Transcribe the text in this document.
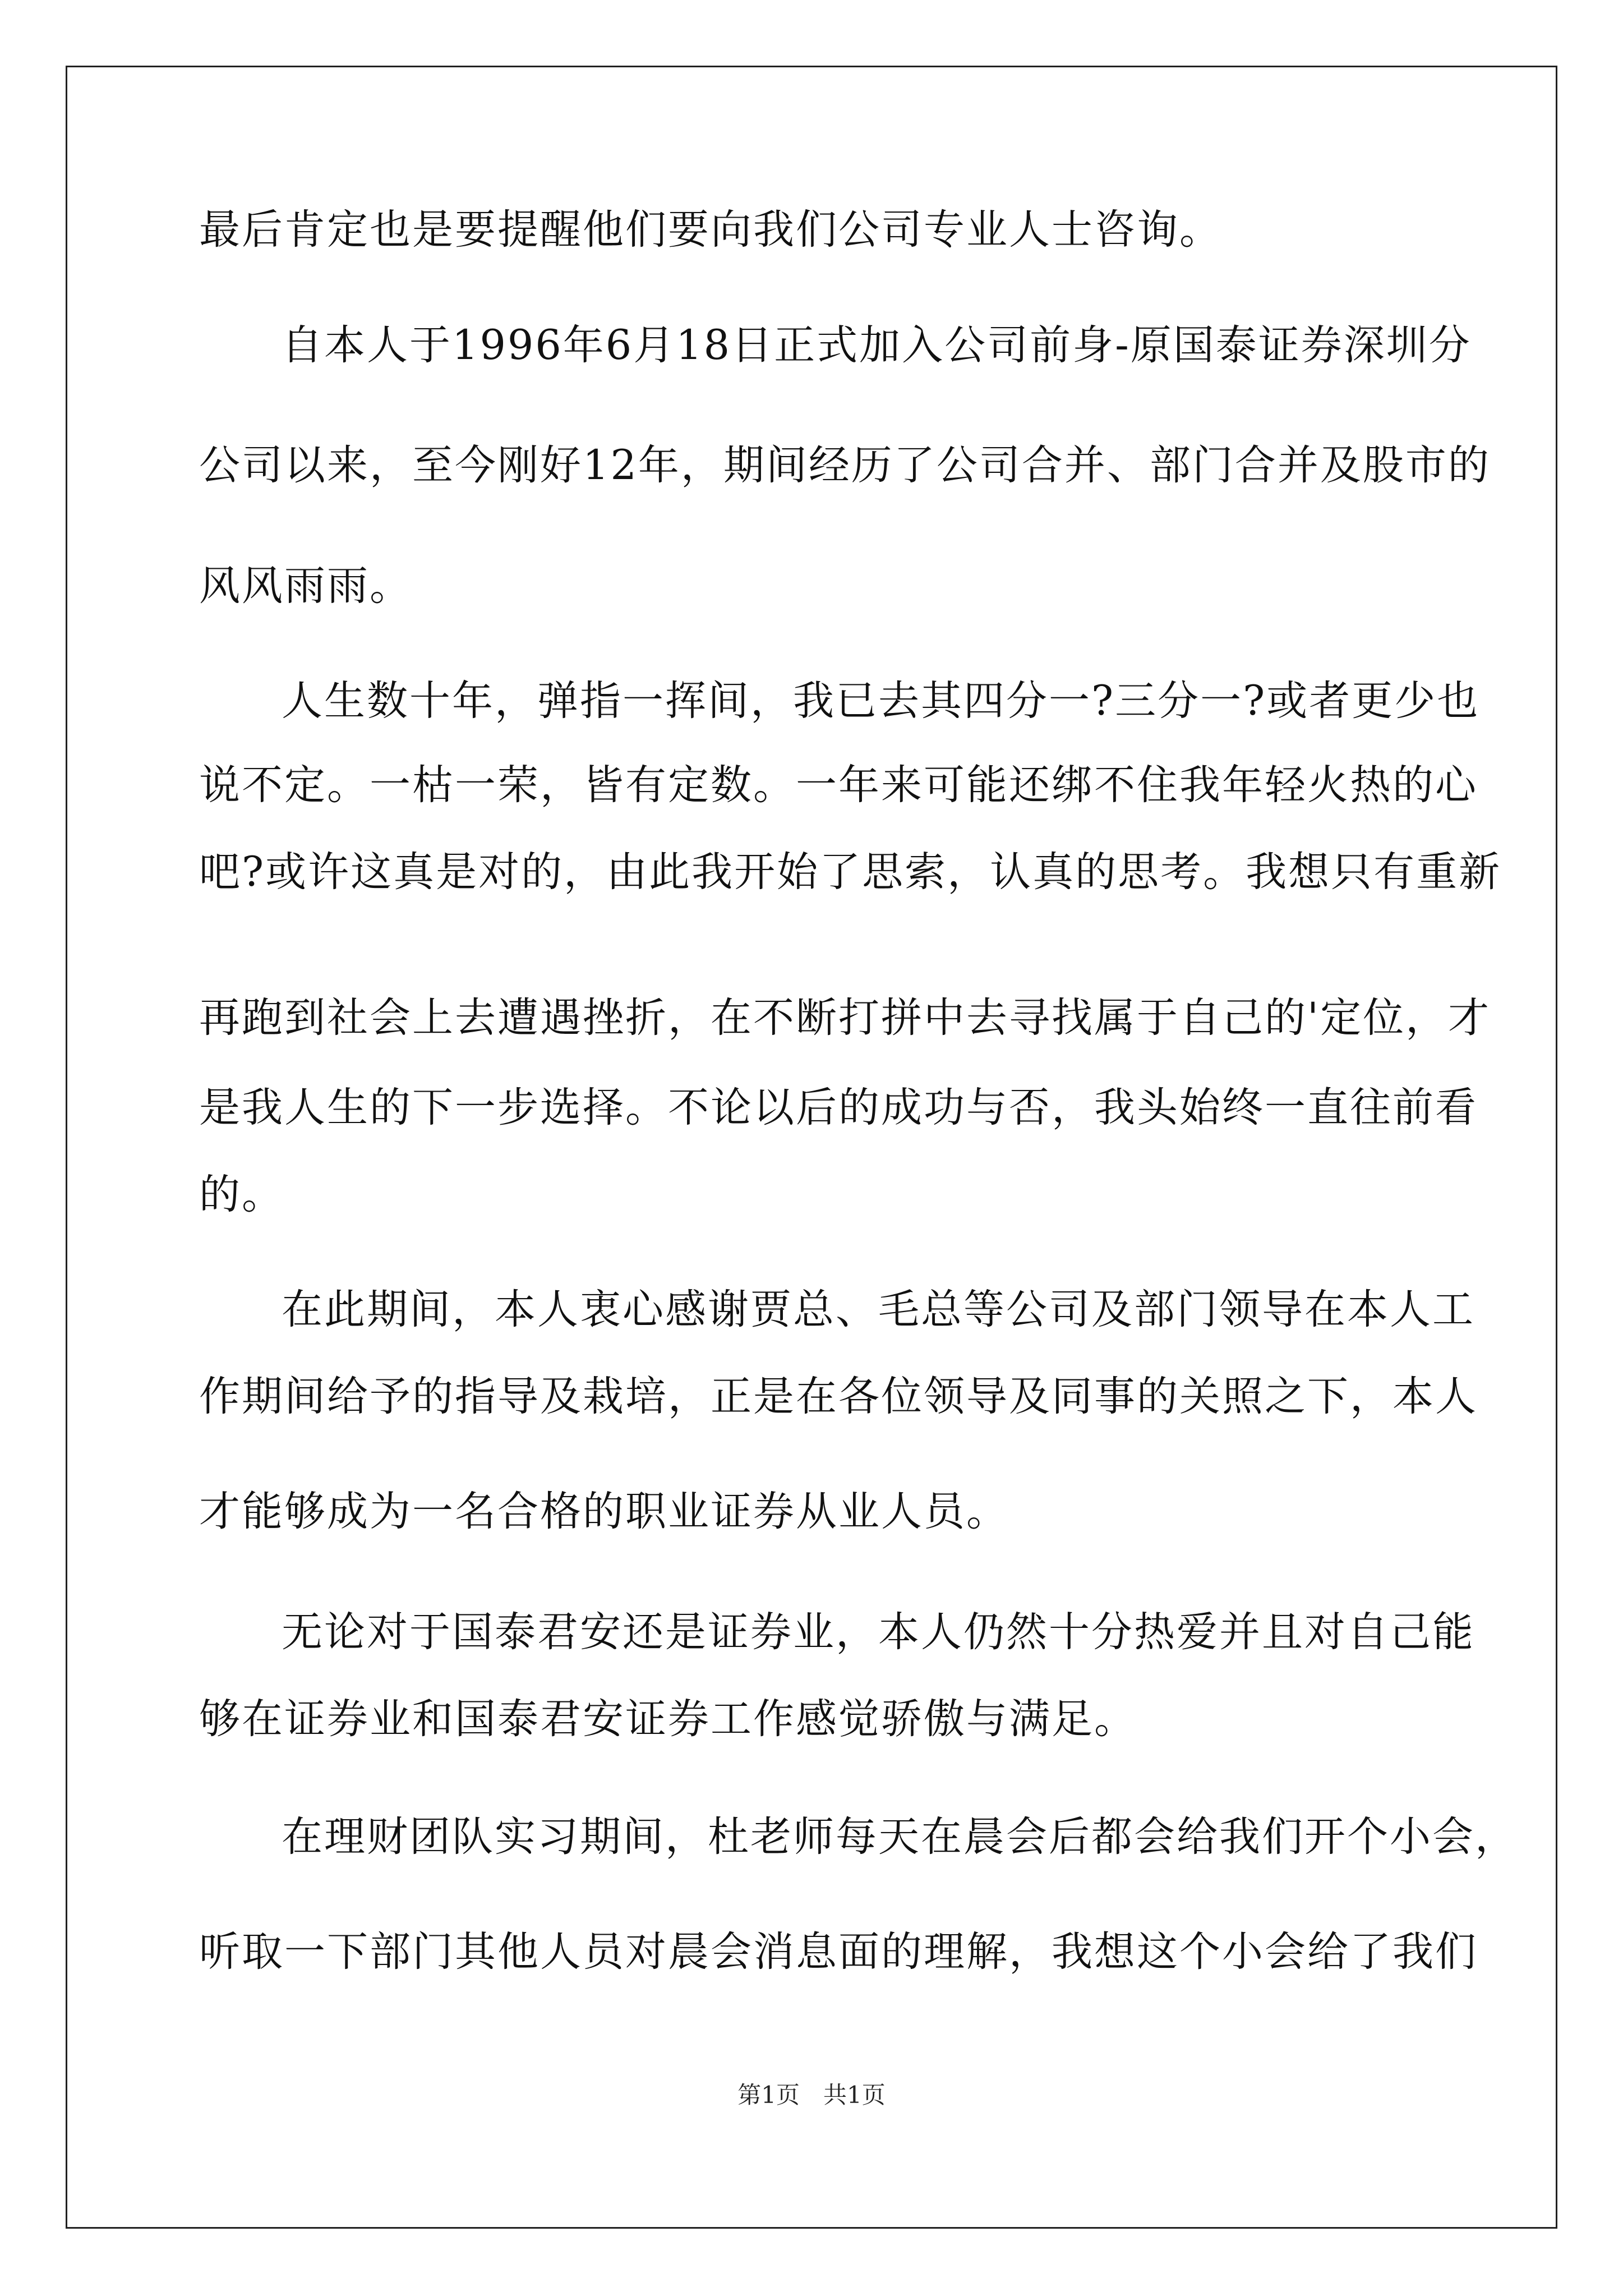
最后肯定也是要提醒他们要向我们公司专业人士咨询。
自本人于1996年6月18日正式加入公司前身-原国泰证券深圳分
公司以来，至今刚好12年，期间经历了公司合并、部门合并及股市的
风风雨雨。
人生数十年，弹指一挥间，我已去其四分一?三分一?或者更少也
说不定。一枯一荣，皆有定数。一年来可能还绑不住我年轻火热的心
吧?或许这真是对的，由此我开始了思索，认真的思考。我想只有重新
再跑到社会上去遭遇挫折，在不断打拼中去寻找属于自己的'定位，才
是我人生的下一步选择。不论以后的成功与否，我头始终一直往前看
的。
在此期间，本人衷心感谢贾总、毛总等公司及部门领导在本人工
作期间给予的指导及栽培，正是在各位领导及同事的关照之下，本人
才能够成为一名合格的职业证券从业人员。
无论对于国泰君安还是证券业，本人仍然十分热爱并且对自己能
够在证券业和国泰君安证券工作感觉骄傲与满足。
在理财团队实习期间，杜老师每天在晨会后都会给我们开个小会，
听取一下部门其他人员对晨会消息面的理解，我想这个小会给了我们
第1页　共1页
